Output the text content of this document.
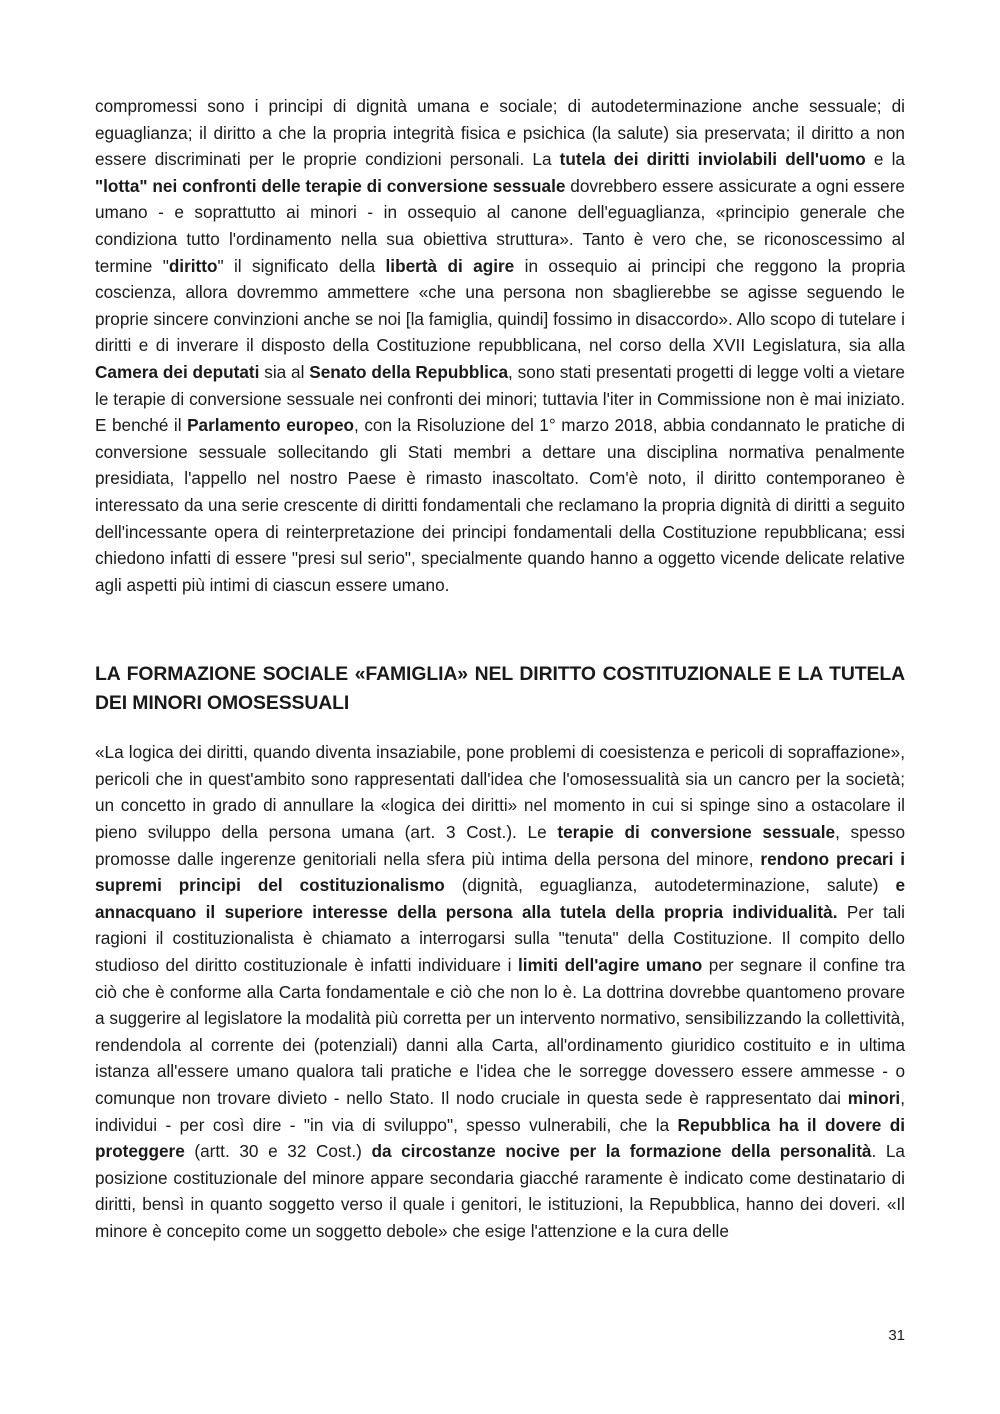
compromessi sono i principi di dignità umana e sociale; di autodeterminazione anche sessuale; di eguaglianza; il diritto a che la propria integrità fisica e psichica (la salute) sia preservata; il diritto a non essere discriminati per le proprie condizioni personali. La tutela dei diritti inviolabili dell'uomo e la "lotta" nei confronti delle terapie di conversione sessuale dovrebbero essere assicurate a ogni essere umano - e soprattutto ai minori - in ossequio al canone dell'eguaglianza, «principio generale che condiziona tutto l'ordinamento nella sua obiettiva struttura». Tanto è vero che, se riconoscessimo al termine "diritto" il significato della libertà di agire in ossequio ai principi che reggono la propria coscienza, allora dovremmo ammettere «che una persona non sbaglierebbe se agisse seguendo le proprie sincere convinzioni anche se noi [la famiglia, quindi] fossimo in disaccordo». Allo scopo di tutelare i diritti e di inverare il disposto della Costituzione repubblicana, nel corso della XVII Legislatura, sia alla Camera dei deputati sia al Senato della Repubblica, sono stati presentati progetti di legge volti a vietare le terapie di conversione sessuale nei confronti dei minori; tuttavia l'iter in Commissione non è mai iniziato. E benché il Parlamento europeo, con la Risoluzione del 1° marzo 2018, abbia condannato le pratiche di conversione sessuale sollecitando gli Stati membri a dettare una disciplina normativa penalmente presidiata, l'appello nel nostro Paese è rimasto inascoltato. Com'è noto, il diritto contemporaneo è interessato da una serie crescente di diritti fondamentali che reclamano la propria dignità di diritti a seguito dell'incessante opera di reinterpretazione dei principi fondamentali della Costituzione repubblicana; essi chiedono infatti di essere "presi sul serio", specialmente quando hanno a oggetto vicende delicate relative agli aspetti più intimi di ciascun essere umano.

LA FORMAZIONE SOCIALE «FAMIGLIA» NEL DIRITTO COSTITUZIONALE E LA TUTELA DEI MINORI OMOSESSUALI

«La logica dei diritti, quando diventa insaziabile, pone problemi di coesistenza e pericoli di sopraffazione», pericoli che in quest'ambito sono rappresentati dall'idea che l'omosessualità sia un cancro per la società; un concetto in grado di annullare la «logica dei diritti» nel momento in cui si spinge sino a ostacolare il pieno sviluppo della persona umana (art. 3 Cost.). Le terapie di conversione sessuale, spesso promosse dalle ingerenze genitoriali nella sfera più intima della persona del minore, rendono precari i supremi principi del costituzionalismo (dignità, eguaglianza, autodeterminazione, salute) e annacquano il superiore interesse della persona alla tutela della propria individualità. Per tali ragioni il costituzionalista è chiamato a interrogarsi sulla "tenuta" della Costituzione. Il compito dello studioso del diritto costituzionale è infatti individuare i limiti dell'agire umano per segnare il confine tra ciò che è conforme alla Carta fondamentale e ciò che non lo è. La dottrina dovrebbe quantomeno provare a suggerire al legislatore la modalità più corretta per un intervento normativo, sensibilizzando la collettività, rendendola al corrente dei (potenziali) danni alla Carta, all'ordinamento giuridico costituito e in ultima istanza all'essere umano qualora tali pratiche e l'idea che le sorregge dovessero essere ammesse - o comunque non trovare divieto - nello Stato. Il nodo cruciale in questa sede è rappresentato dai minori, individui - per così dire - "in via di sviluppo", spesso vulnerabili, che la Repubblica ha il dovere di proteggere (artt. 30 e 32 Cost.) da circostanze nocive per la formazione della personalità. La posizione costituzionale del minore appare secondaria giacché raramente è indicato come destinatario di diritti, bensì in quanto soggetto verso il quale i genitori, le istituzioni, la Repubblica, hanno dei doveri. «Il minore è concepito come un soggetto debole» che esige l'attenzione e la cura delle

31
